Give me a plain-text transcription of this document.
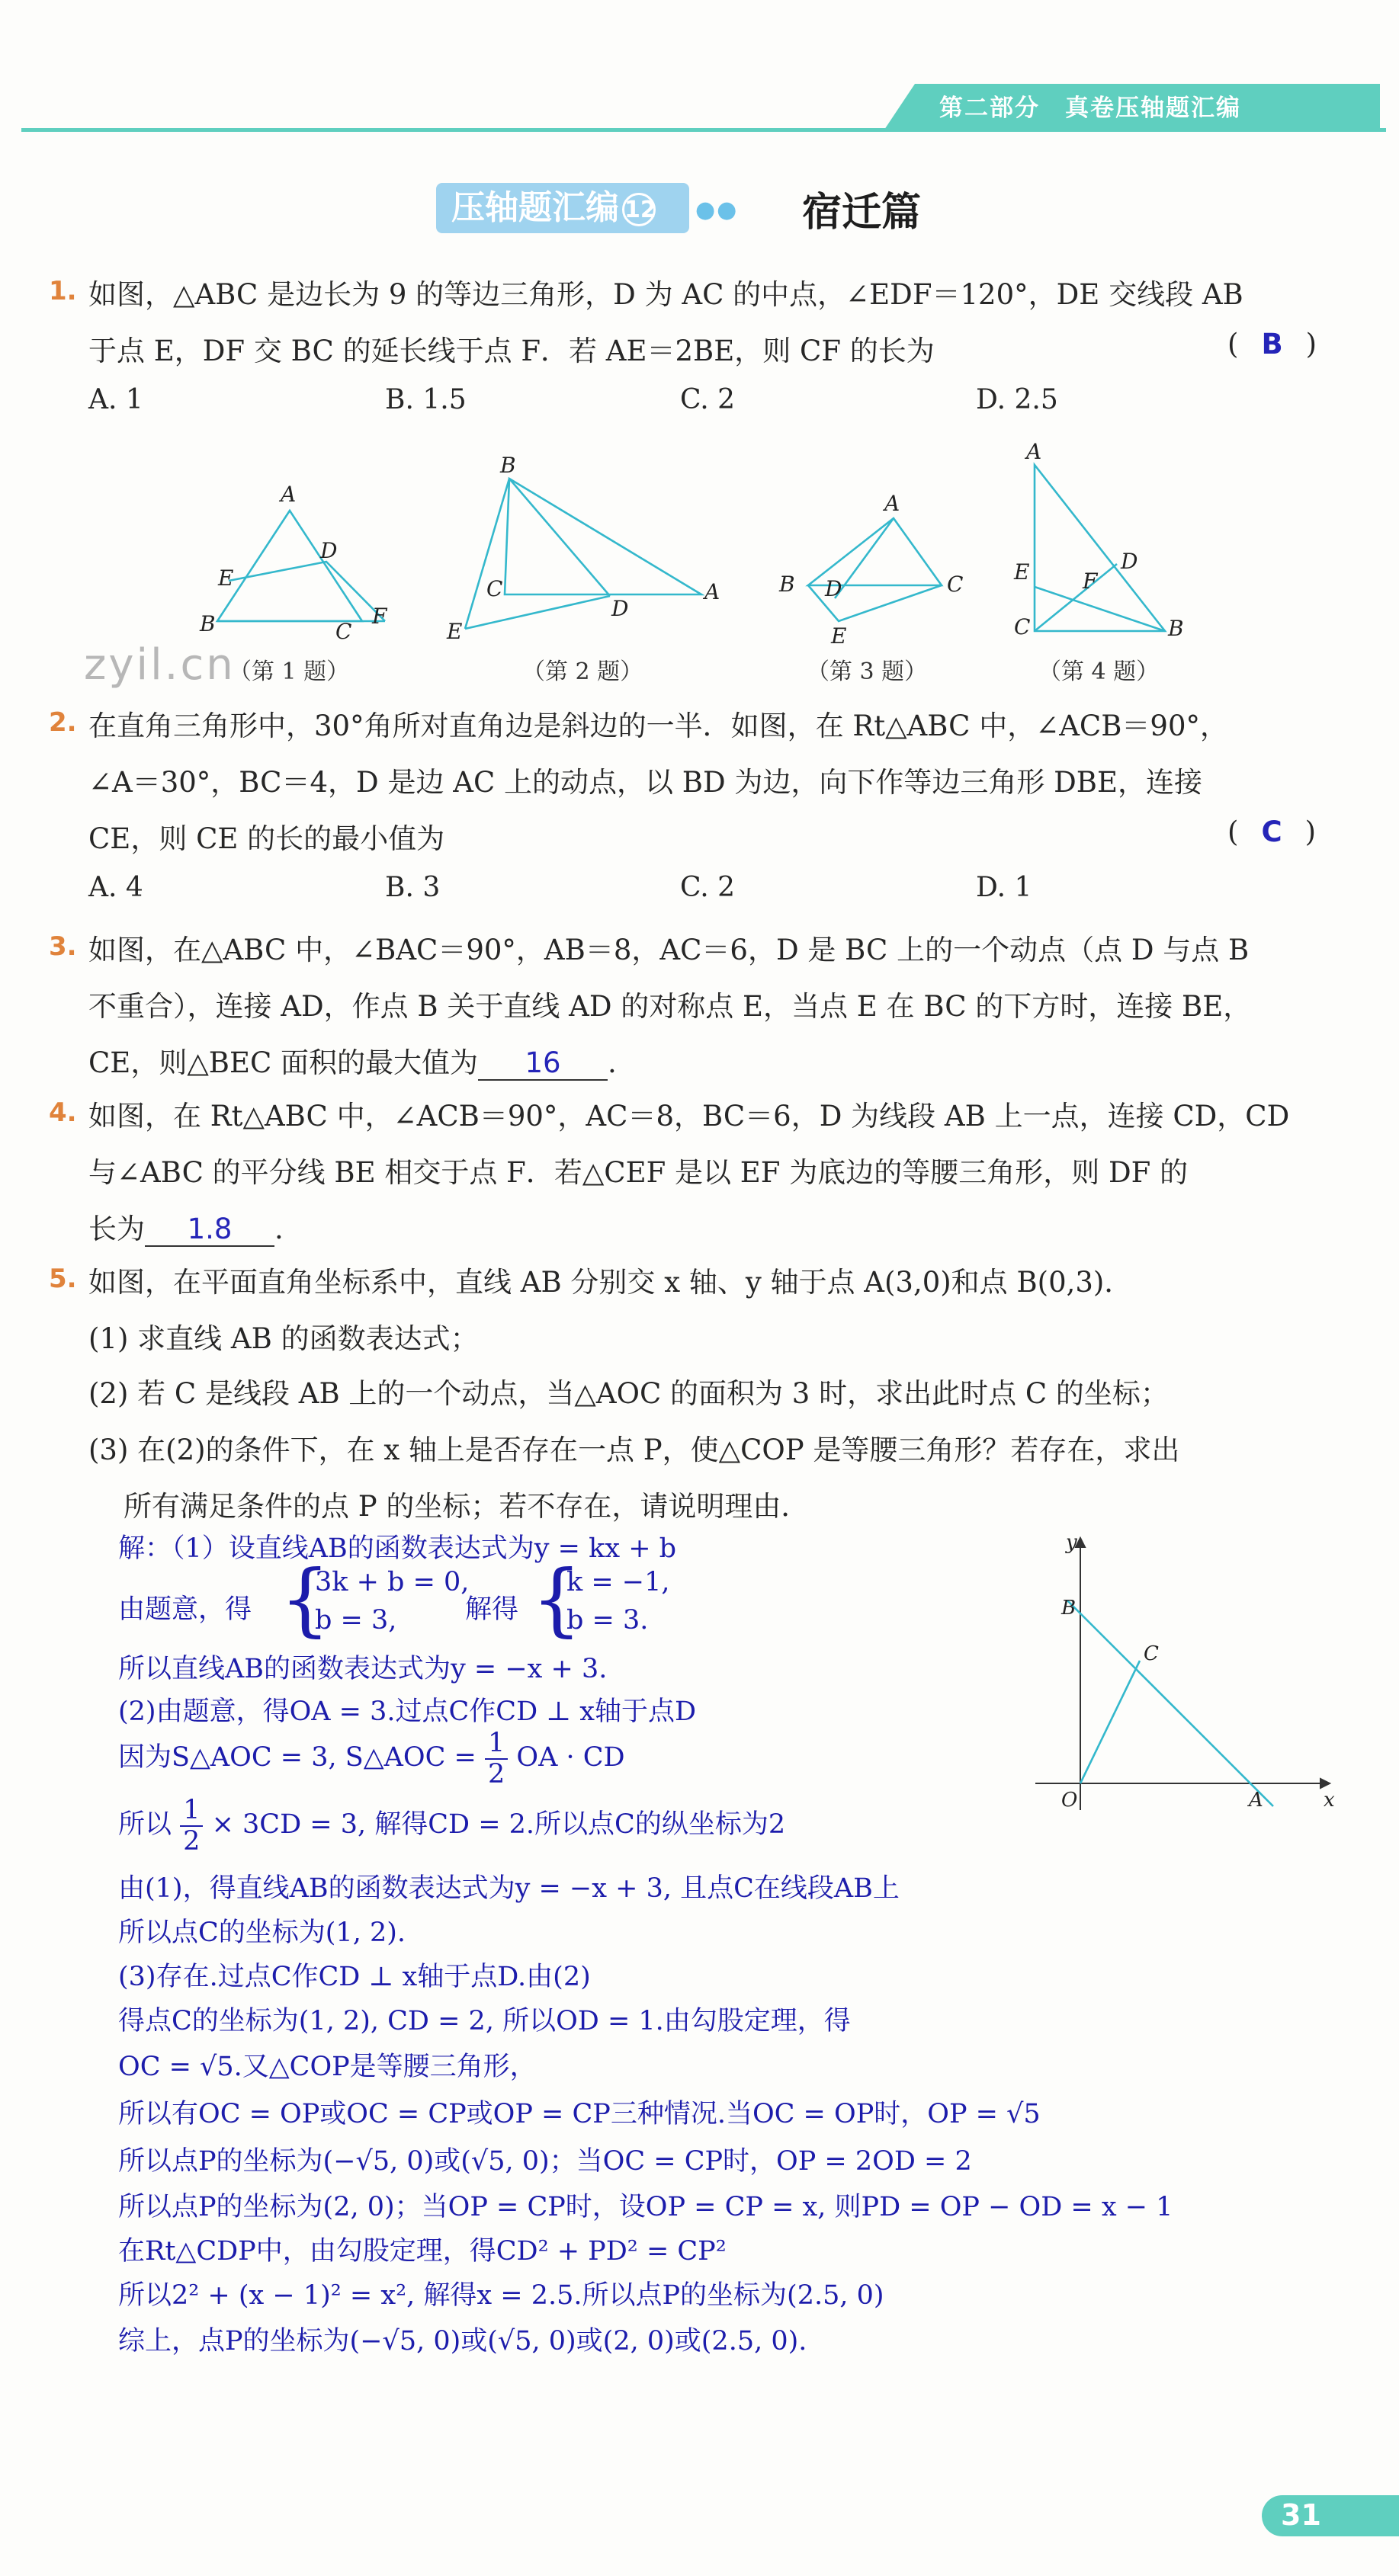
第二部分　真卷压轴题汇编
压轴题汇编 12	●● 宿迁篇
1. 如图，△ABC 是边长为 9 的等边三角形，D 为 AC 的中点，∠EDF＝120°，DE 交线段 AB
于点 E，DF 交 BC 的延长线于点 F．若 AE＝2BE，则 CF 的长为	( B )
A. 1	B. 1.5	C. 2	D. 2.5
A
D
E
B	C
F
B
C
D
A
E
A
B D	C
E
A
E F
D
C	B
（第 1 题）	（第 2 题）	（第 3 题）	（第 4 题）
zyil.cn
2. 在直角三角形中，30°角所对直角边是斜边的一半．如图，在 Rt△ABC 中，∠ACB＝90°，
∠A＝30°，BC＝4，D 是边 AC 上的动点，以 BD 为边，向下作等边三角形 DBE，连接
CE，则 CE 的长的最小值为	( C )
A. 4	B. 3	C. 2	D. 1
3. 如图，在△ABC 中，∠BAC＝90°，AB＝8，AC＝6，D 是 BC 上的一个动点（点 D 与点 B
不重合），连接 AD，作点 B 关于直线 AD 的对称点 E，当点 E 在 BC 的下方时，连接 BE，
CE，则△BEC 面积的最大值为 16 .
4. 如图，在 Rt△ABC 中，∠ACB＝90°，AC＝8，BC＝6，D 为线段 AB 上一点，连接 CD，CD
与∠ABC 的平分线 BE 相交于点 F．若△CEF 是以 EF 为底边的等腰三角形，则 DF 的
长为 1.8 .
5. 如图，在平面直角坐标系中，直线 AB 分别交 x 轴、y 轴于点 A(3,0)和点 B(0,3)．
(1) 求直线 AB 的函数表达式；
(2) 若 C 是线段 AB 上的一个动点，当△AOC 的面积为 3 时，求出此时点 C 的坐标；
(3) 在(2)的条件下，在 x 轴上是否存在一点 P，使△COP 是等腰三角形？若存在，求出
所有满足条件的点 P 的坐标；若不存在，请说明理由．
解：（1）设直线AB的函数表达式为y = kx + b
由题意，得 {
3k + b = 0,
b = 3,	解得 {
k = −1,
b = 3.
所以直线AB的函数表达式为y = −x + 3.
(2)由题意，得OA = 3.过点C作CD ⊥ x轴于点D
因为S△AOC = 3, S△AOC = $\frac{1}{2}$ OA · CD
所以 $\frac{1}{2} \times 3CD = 3$, 解得CD = 2.所以点C的纵坐标为2
由(1)，得直线AB的函数表达式为y = −x + 3, 且点C在线段AB上
所以点C的坐标为(1, 2).
(3)存在.过点C作CD ⊥ x轴于点D.由(2)
得点C的坐标为(1, 2), CD = 2, 所以OD = 1.由勾股定理，得
OC = √5.又△COP是等腰三角形，
所以有OC = OP或OC = CP或OP = CP三种情况.当OC = OP时，OP = √5
所以点P的坐标为(−√5, 0)或(√5, 0)；当OC = CP时，OP = 2OD = 2
所以点P的坐标为(2, 0)；当OP = CP时，设OP = CP = x, 则PD = OP − OD = x − 1
在Rt△CDP中，由勾股定理，得CD² + PD² = CP²
所以2² + (x − 1)² = x², 解得x = 2.5.所以点P的坐标为(2.5, 0)
综上，点P的坐标为(−√5, 0)或(√5, 0)或(2, 0)或(2.5, 0).
y
B
C
O	A	x
31
